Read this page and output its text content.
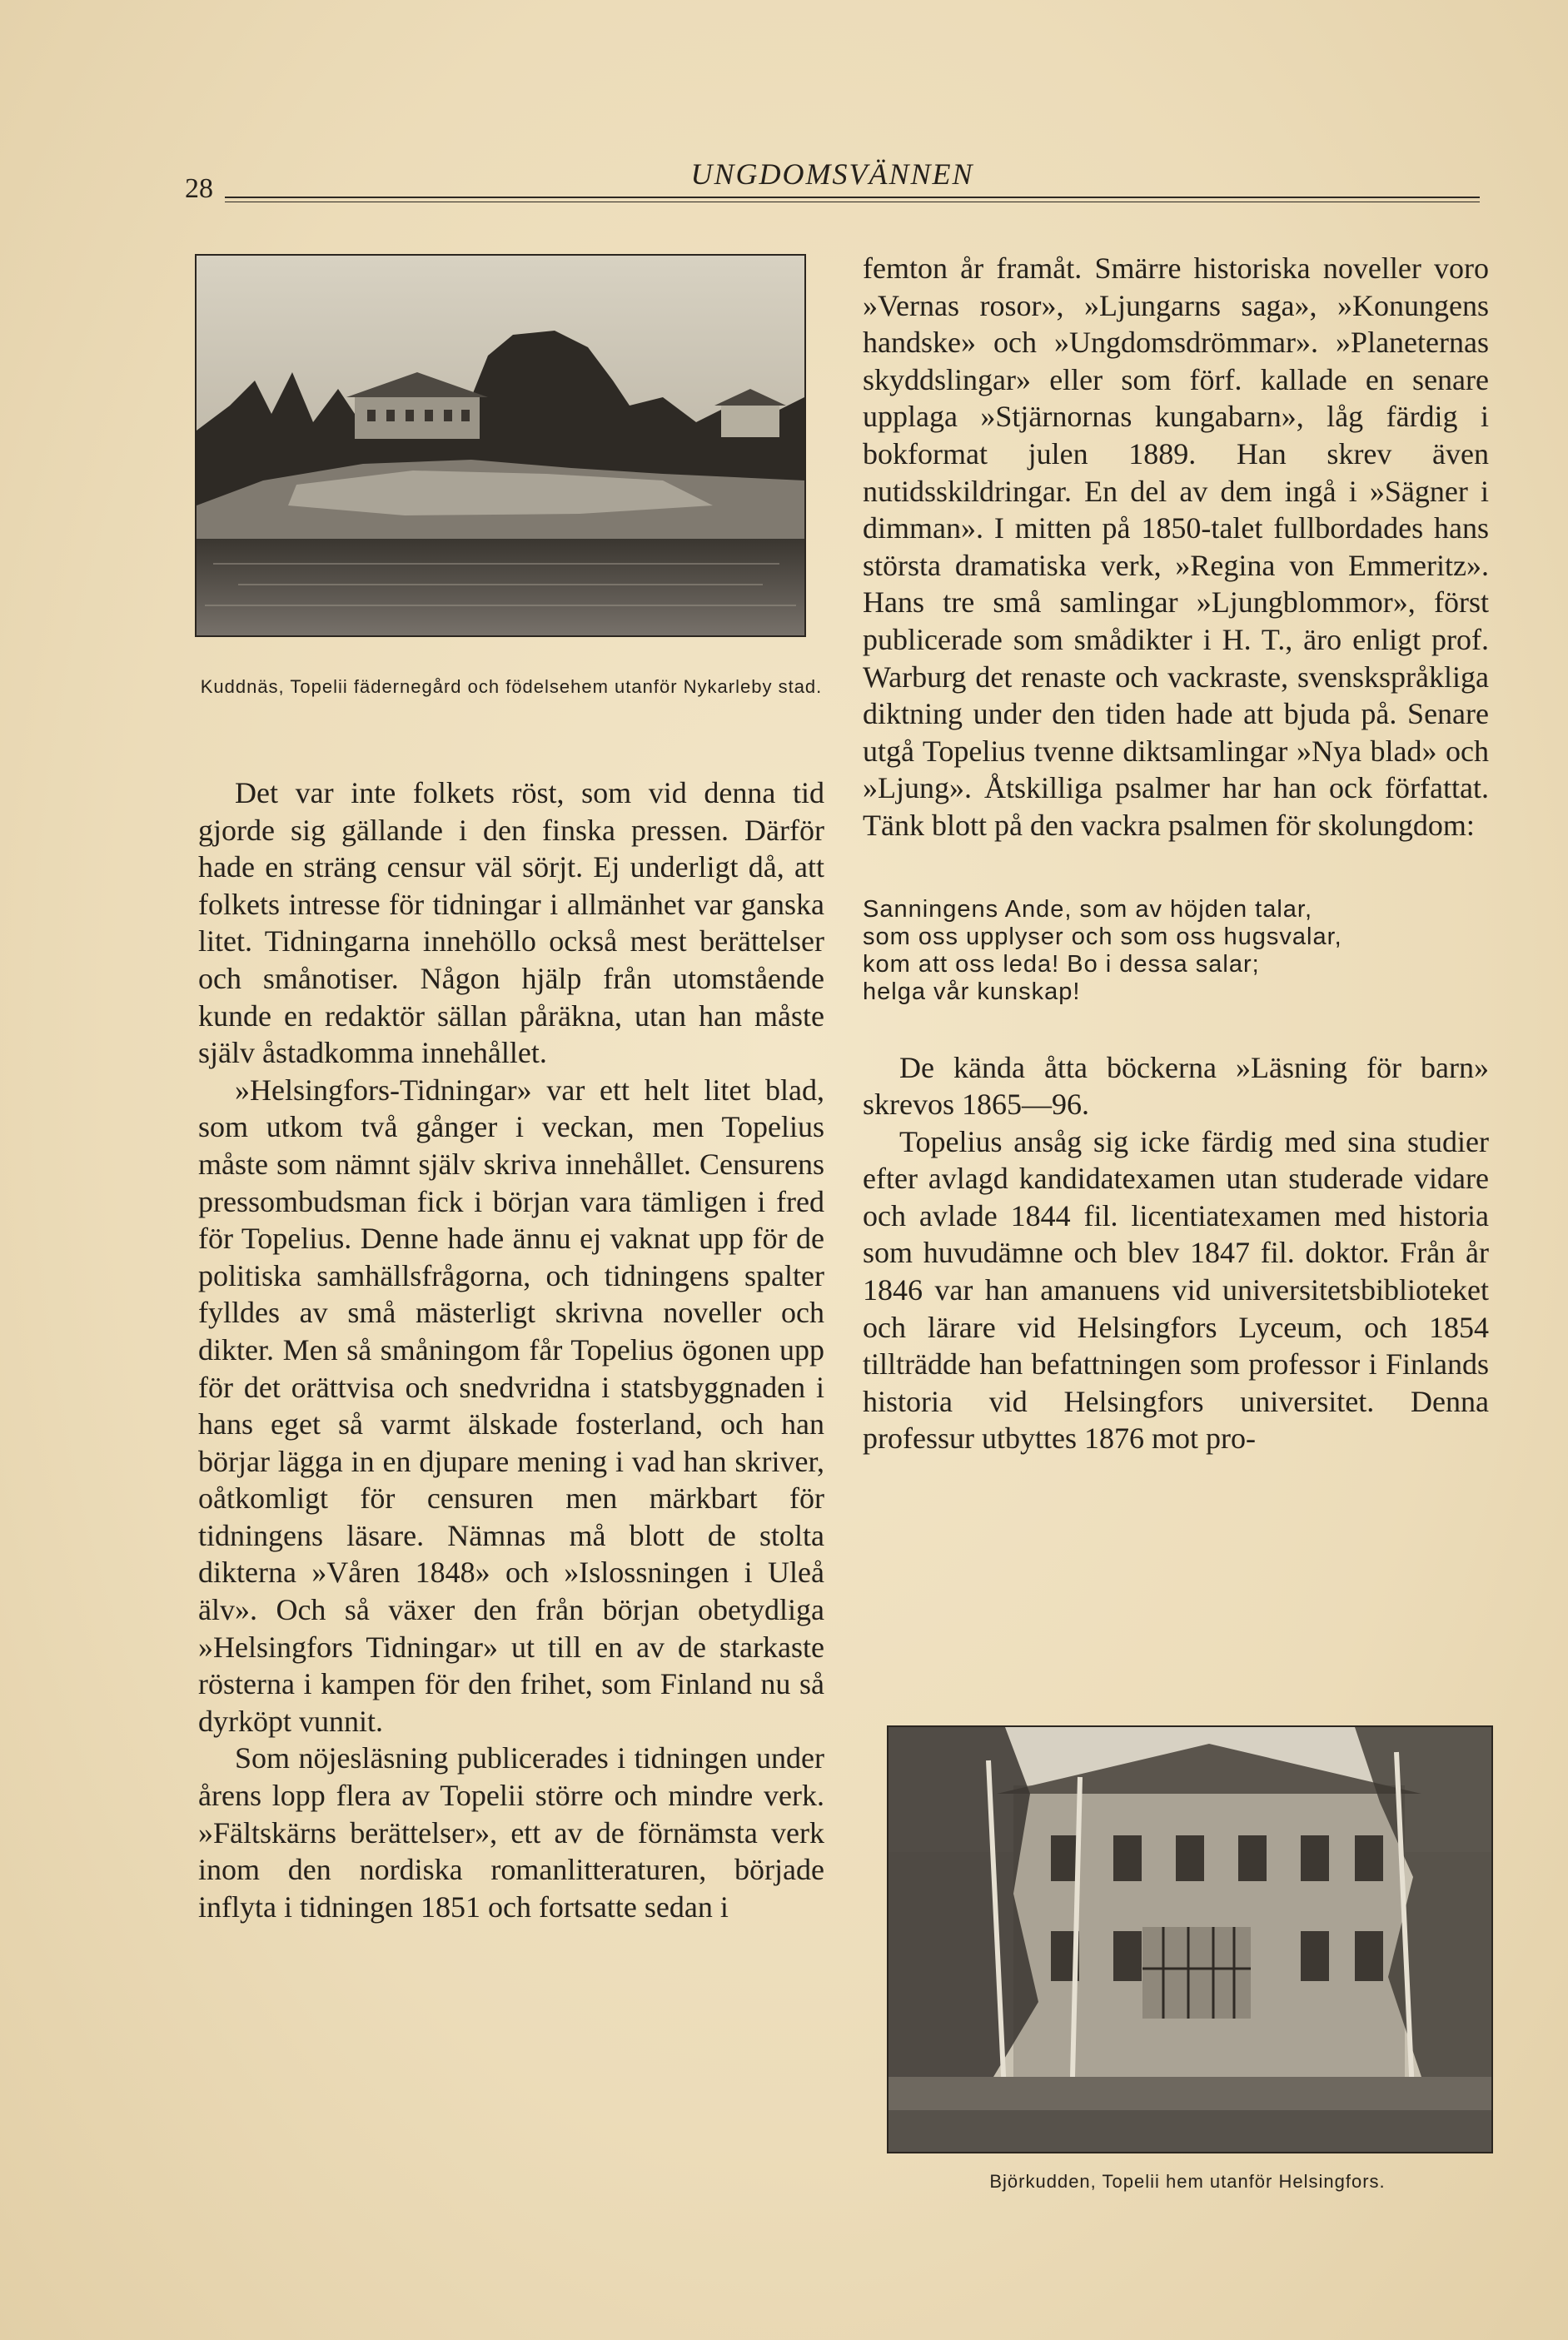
28	UNGDOMSVÄNNEN
Kuddnäs, Topelii fädernegård och födelsehem utanför Nykarleby stad.

Det var inte folkets röst, som vid denna tid gjorde sig gällande i den finska pressen. Därför hade en sträng censur väl sörjt. Ej underligt då, att folkets intresse för tidningar i allmänhet var ganska litet. Tidningarna innehöllo också mest berättelser och smånotiser. Någon hjälp från utomstående kunde en redaktör sällan påräkna, utan han måste själv åstadkomma innehållet.

»Helsingfors-Tidningar» var ett helt litet blad, som utkom två gånger i veckan, men Topelius måste som nämnt själv skriva innehållet. Censurens pressombudsman fick i början vara tämligen i fred för Topelius. Denne hade ännu ej vaknat upp för de politiska samhällsfrågorna, och tidningens spalter fylldes av små mästerligt skrivna noveller och dikter. Men så småningom får Topelius ögonen upp för det orättvisa och snedvridna i statsbyggnaden i hans eget så varmt älskade fosterland, och han börjar lägga in en djupare mening i vad han skriver, oåtkomligt för censuren men märkbart för tidningens läsare. Nämnas må blott de stolta dikterna »Våren 1848» och »Islossningen i Uleå älv». Och så växer den från början obetydliga »Helsingfors Tidningar» ut till en av de starkaste rösterna i kampen för den frihet, som Finland nu så dyrköpt vunnit.

Som nöjesläsning publicerades i tidningen under årens lopp flera av Topelii större och mindre verk. »Fältskärns berättelser», ett av de förnämsta verk inom den nordiska romanlitteraturen, började inflyta i tidningen 1851 och fortsatte sedan i

femton år framåt. Smärre historiska noveller voro »Vernas rosor», »Ljungarns saga», »Konungens handske» och »Ungdomsdrömmar». »Planeternas skyddslingar» eller som förf. kallade en senare upplaga »Stjärnornas kungabarn», låg färdig i bokformat julen 1889. Han skrev även nutidsskildringar. En del av dem ingå i »Sägner i dimman». I mitten på 1850-talet fullbordades hans största dramatiska verk, »Regina von Emmeritz». Hans tre små samlingar »Ljungblommor», först publicerade som smådikter i H. T., äro enligt prof. Warburg det renaste och vackraste, svenskspråkliga diktning under den tiden hade att bjuda på. Senare utgå Topelius tvenne diktsamlingar »Nya blad» och »Ljung». Åtskilliga psalmer har han ock författat. Tänk blott på den vackra psalmen för skolungdom:

Sanningens Ande, som av höjden talar,
som oss upplyser och som oss hugsvalar,
kom att oss leda! Bo i dessa salar;
helga vår kunskap!

De kända åtta böckerna »Läsning för barn» skrevos 1865—96.

Topelius ansåg sig icke färdig med sina studier efter avlagd kandidatexamen utan studerade vidare och avlade 1844 fil. licentiatexamen med historia som huvudämne och blev 1847 fil. doktor. Från år 1846 var han amanuens vid universitetsbiblioteket och lärare vid Helsingfors Lyceum, och 1854 tillträdde han befattningen som professor i Finlands historia vid Helsingfors universitet. Denna professur utbyttes 1876 mot pro-

Björkudden, Topelii hem utanför Helsingfors.
